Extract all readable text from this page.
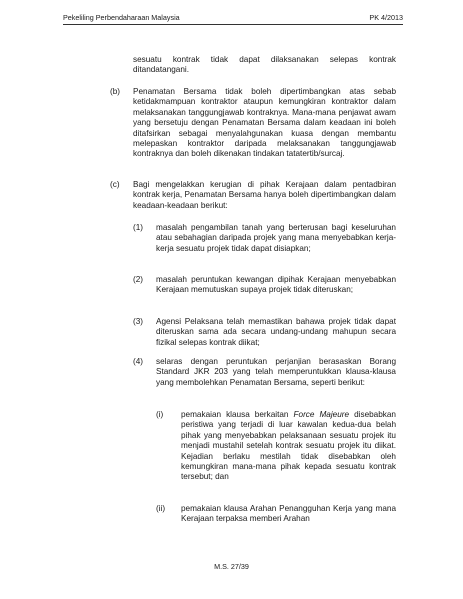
Pekeliling Perbendaharaan Malaysia	PK 4/2013
sesuatu kontrak tidak dapat dilaksanakan selepas kontrak ditandatangani.
(b) Penamatan Bersama tidak boleh dipertimbangkan atas sebab ketidakmampuan kontraktor ataupun kemungkiran kontraktor dalam melaksanakan tanggungjawab kontraknya. Mana-mana penjawat awam yang bersetuju dengan Penamatan Bersama dalam keadaan ini boleh ditafsirkan sebagai menyalahgunakan kuasa dengan membantu melepaskan kontraktor daripada melaksanakan tanggungjawab kontraknya dan boleh dikenakan tindakan tatatertib/surcaj.
(c) Bagi mengelakkan kerugian di pihak Kerajaan dalam pentadbiran kontrak kerja, Penamatan Bersama hanya boleh dipertimbangkan dalam keadaan-keadaan berikut:
(1) masalah pengambilan tanah yang berterusan bagi keseluruhan atau sebahagian daripada projek yang mana menyebabkan kerja-kerja sesuatu projek tidak dapat disiapkan;
(2) masalah peruntukan kewangan dipihak Kerajaan menyebabkan Kerajaan memutuskan supaya projek tidak diteruskan;
(3) Agensi Pelaksana telah memastikan bahawa projek tidak dapat diteruskan sama ada secara undang-undang mahupun secara fizikal selepas kontrak diikat;
(4) selaras dengan peruntukan perjanjian berasaskan Borang Standard JKR 203 yang telah memperuntukkan klausa-klausa yang membolehkan Penamatan Bersama, seperti berikut:
(i) pemakaian klausa berkaitan Force Majeure disebabkan peristiwa yang terjadi di luar kawalan kedua-dua belah pihak yang menyebabkan pelaksanaan sesuatu projek itu menjadi mustahil setelah kontrak sesuatu projek itu diikat. Kejadian berlaku mestilah tidak disebabkan oleh kemungkiran mana-mana pihak kepada sesuatu kontrak tersebut; dan
(ii) pemakaian klausa Arahan Penangguhan Kerja yang mana Kerajaan terpaksa memberi Arahan
M.S. 27/39
